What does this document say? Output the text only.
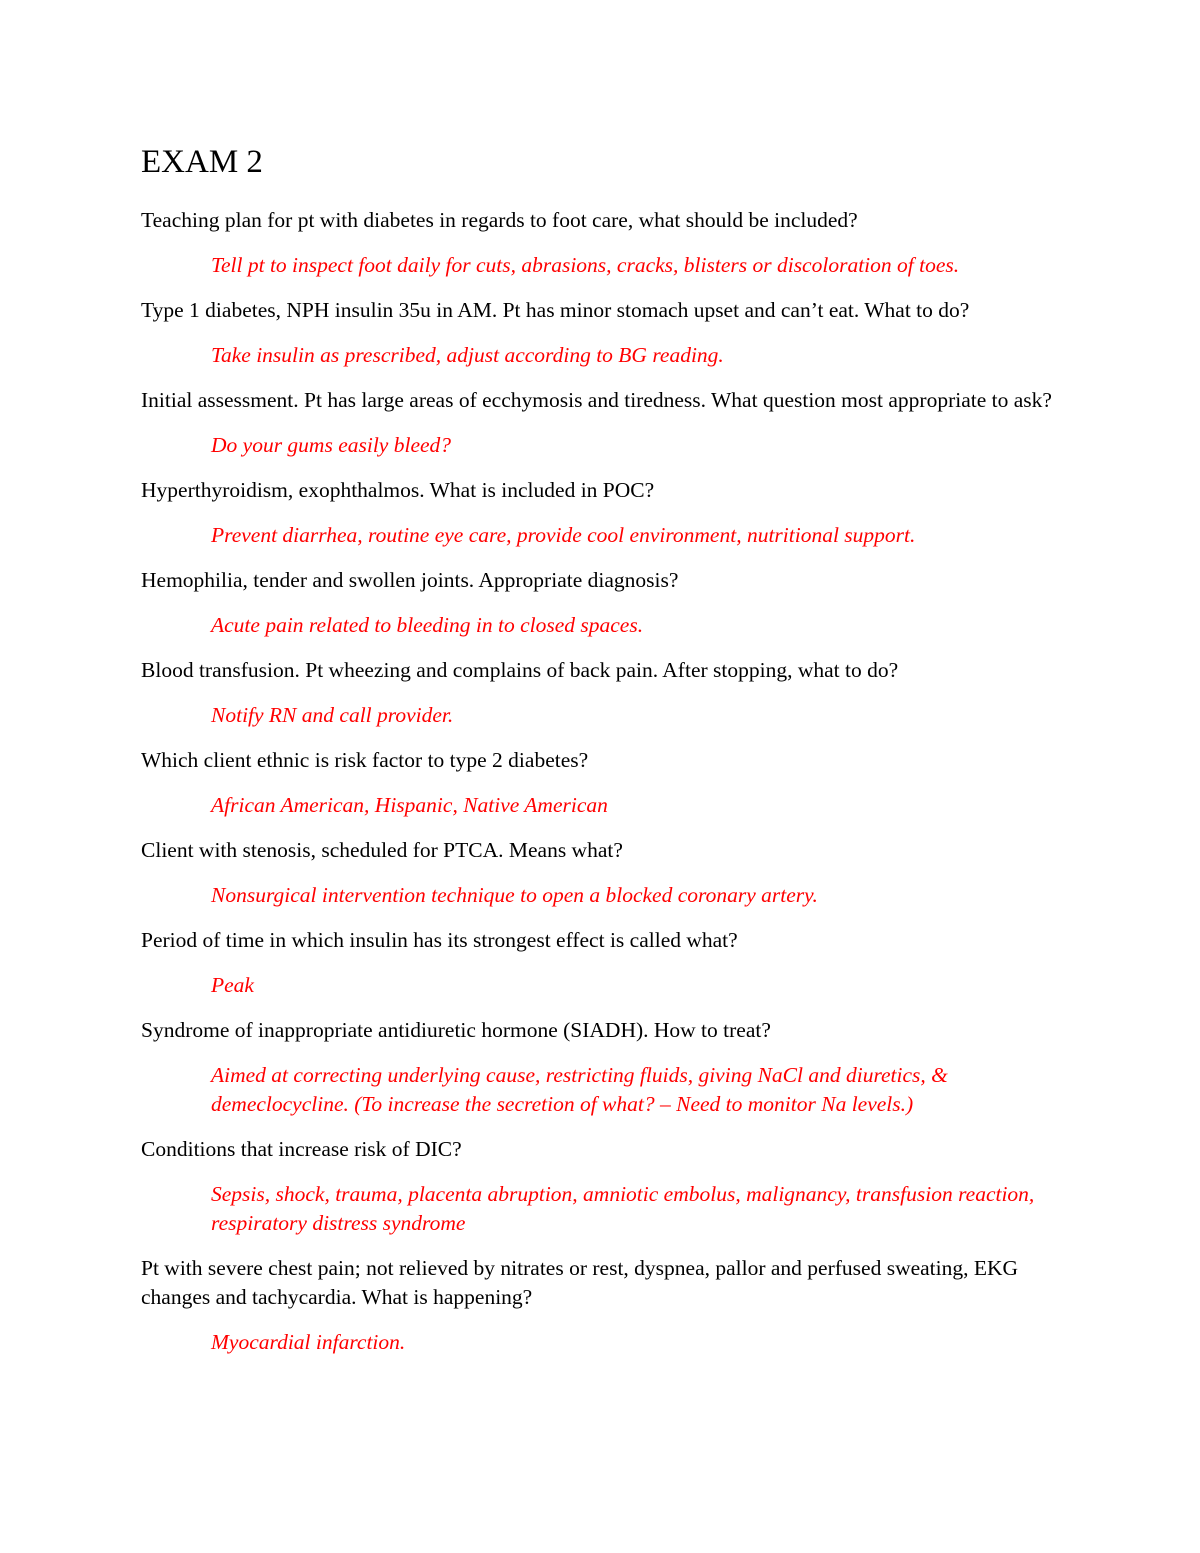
EXAM 2

Teaching plan for pt with diabetes in regards to foot care, what should be included?

Tell pt to inspect foot daily for cuts, abrasions, cracks, blisters or discoloration of toes.

Type 1 diabetes, NPH insulin 35u in AM. Pt has minor stomach upset and can’t eat. What to do?

Take insulin as prescribed, adjust according to BG reading.

Initial assessment. Pt has large areas of ecchymosis and tiredness. What question most appropriate to ask?

Do your gums easily bleed?

Hyperthyroidism, exophthalmos. What is included in POC?

Prevent diarrhea, routine eye care, provide cool environment, nutritional support.

Hemophilia, tender and swollen joints. Appropriate diagnosis?

Acute pain related to bleeding in to closed spaces.

Blood transfusion. Pt wheezing and complains of back pain. After stopping, what to do?

Notify RN and call provider.

Which client ethnic is risk factor to type 2 diabetes?

African American, Hispanic, Native American

Client with stenosis, scheduled for PTCA. Means what?

Nonsurgical intervention technique to open a blocked coronary artery.

Period of time in which insulin has its strongest effect is called what?

Peak

Syndrome of inappropriate antidiuretic hormone (SIADH). How to treat?

Aimed at correcting underlying cause, restricting fluids, giving NaCl and diuretics, & demeclocycline. (To increase the secretion of what? – Need to monitor Na levels.)

Conditions that increase risk of DIC?

Sepsis, shock, trauma, placenta abruption, amniotic embolus, malignancy, transfusion reaction, respiratory distress syndrome

Pt with severe chest pain; not relieved by nitrates or rest, dyspnea, pallor and perfused sweating, EKG changes and tachycardia. What is happening?

Myocardial infarction.
